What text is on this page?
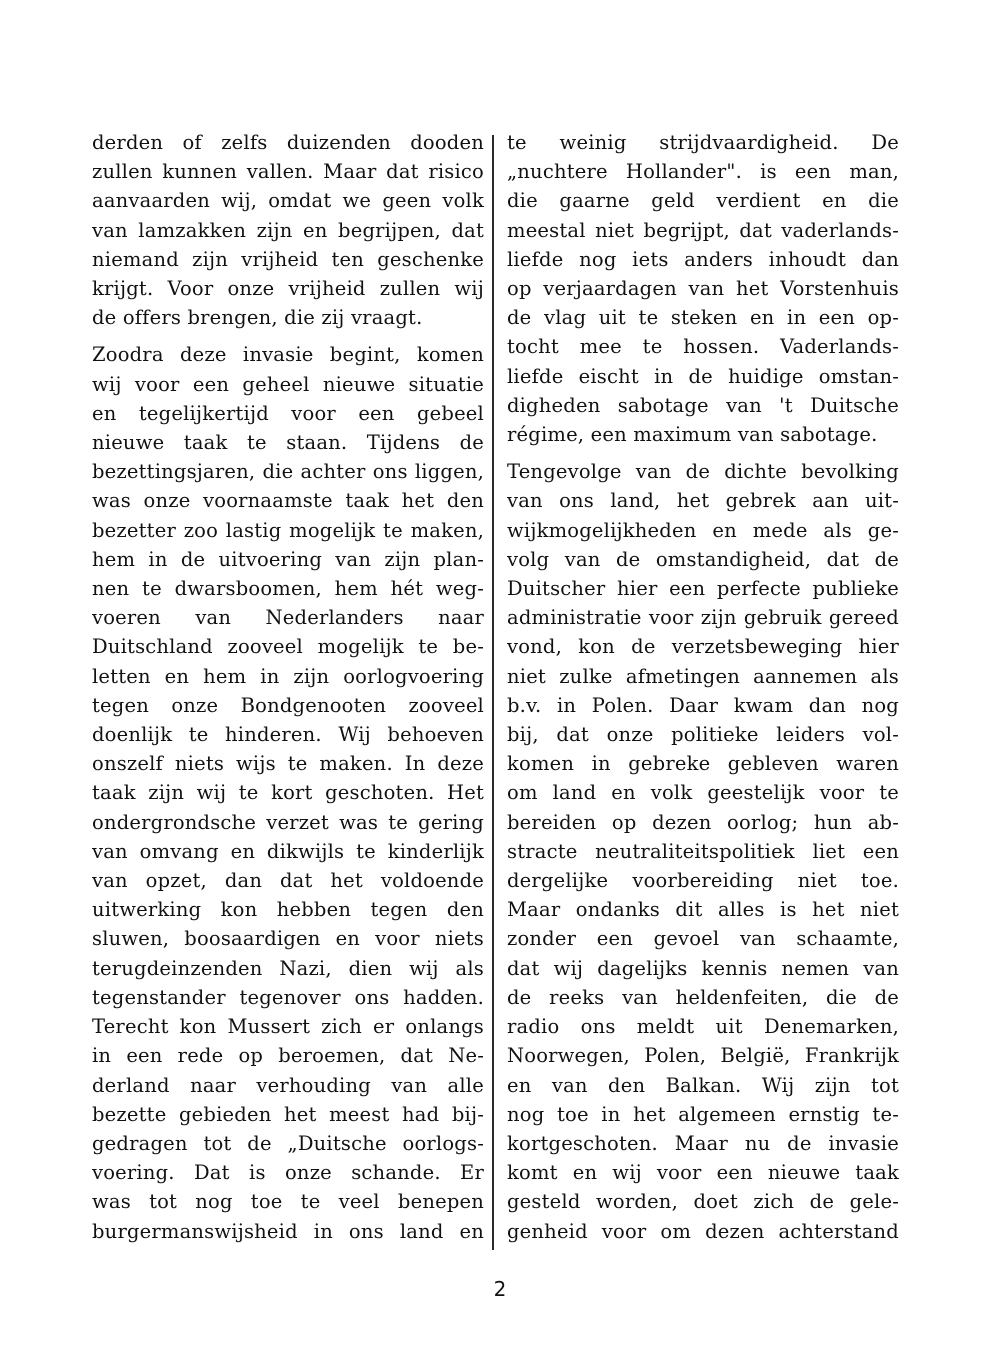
derden of zelfs duizenden dooden
zullen kunnen vallen. Maar dat risico
aanvaarden wij, omdat we geen volk
van lamzakken zijn en begrijpen, dat
niemand zijn vrijheid ten geschenke
krijgt. Voor onze vrijheid zullen wij
de offers brengen, die zij vraagt.
Zoodra deze invasie begint, komen
wij voor een geheel nieuwe situatie
en tegelijkertijd voor een gebeel
nieuwe taak te staan. Tijdens de
bezettingsjaren, die achter ons liggen,
was onze voornaamste taak het den
bezetter zoo lastig mogelijk te maken,
hem in de uitvoering van zijn plan-
nen te dwarsboomen, hem hét weg-
voeren van Nederlanders naar
Duitschland zooveel mogelijk te be-
letten en hem in zijn oorlogvoering
tegen onze Bondgenooten zooveel
doenlijk te hinderen. Wij behoeven
onszelf niets wijs te maken. In deze
taak zijn wij te kort geschoten. Het
ondergrondsche verzet was te gering
van omvang en dikwijls te kinderlijk
van opzet, dan dat het voldoende
uitwerking kon hebben tegen den
sluwen, boosaardigen en voor niets
terugdeinzenden Nazi, dien wij als
tegenstander tegenover ons hadden.
Terecht kon Mussert zich er onlangs
in een rede op beroemen, dat Ne-
derland naar verhouding van alle
bezette gebieden het meest had bij-
gedragen tot de „Duitsche oorlogs-
voering. Dat is onze schande. Er
was tot nog toe te veel benepen
burgermanswijsheid in ons land en
te weinig strijdvaardigheid. De
„nuchtere Hollander". is een man,
die gaarne geld verdient en die
meestal niet begrijpt, dat vaderlands-
liefde nog iets anders inhoudt dan
op verjaardagen van het Vorstenhuis
de vlag uit te steken en in een op-
tocht mee te hossen. Vaderlands-
liefde eischt in de huidige omstan-
digheden sabotage van 't Duitsche
régime, een maximum van sabotage.
Tengevolge van de dichte bevolking
van ons land, het gebrek aan uit-
wijkmogelijkheden en mede als ge-
volg van de omstandigheid, dat de
Duitscher hier een perfecte publieke
administratie voor zijn gebruik gereed
vond, kon de verzetsbeweging hier
niet zulke afmetingen aannemen als
b.v. in Polen. Daar kwam dan nog
bij, dat onze politieke leiders vol-
komen in gebreke gebleven waren
om land en volk geestelijk voor te
bereiden op dezen oorlog; hun ab-
stracte neutraliteitspolitiek liet een
dergelijke voorbereiding niet toe.
Maar ondanks dit alles is het niet
zonder een gevoel van schaamte,
dat wij dagelijks kennis nemen van
de reeks van heldenfeiten, die de
radio ons meldt uit Denemarken,
Noorwegen, Polen, België, Frankrijk
en van den Balkan. Wij zijn tot
nog toe in het algemeen ernstig te-
kortgeschoten. Maar nu de invasie
komt en wij voor een nieuwe taak
gesteld worden, doet zich de gele-
genheid voor om dezen achterstand
2
